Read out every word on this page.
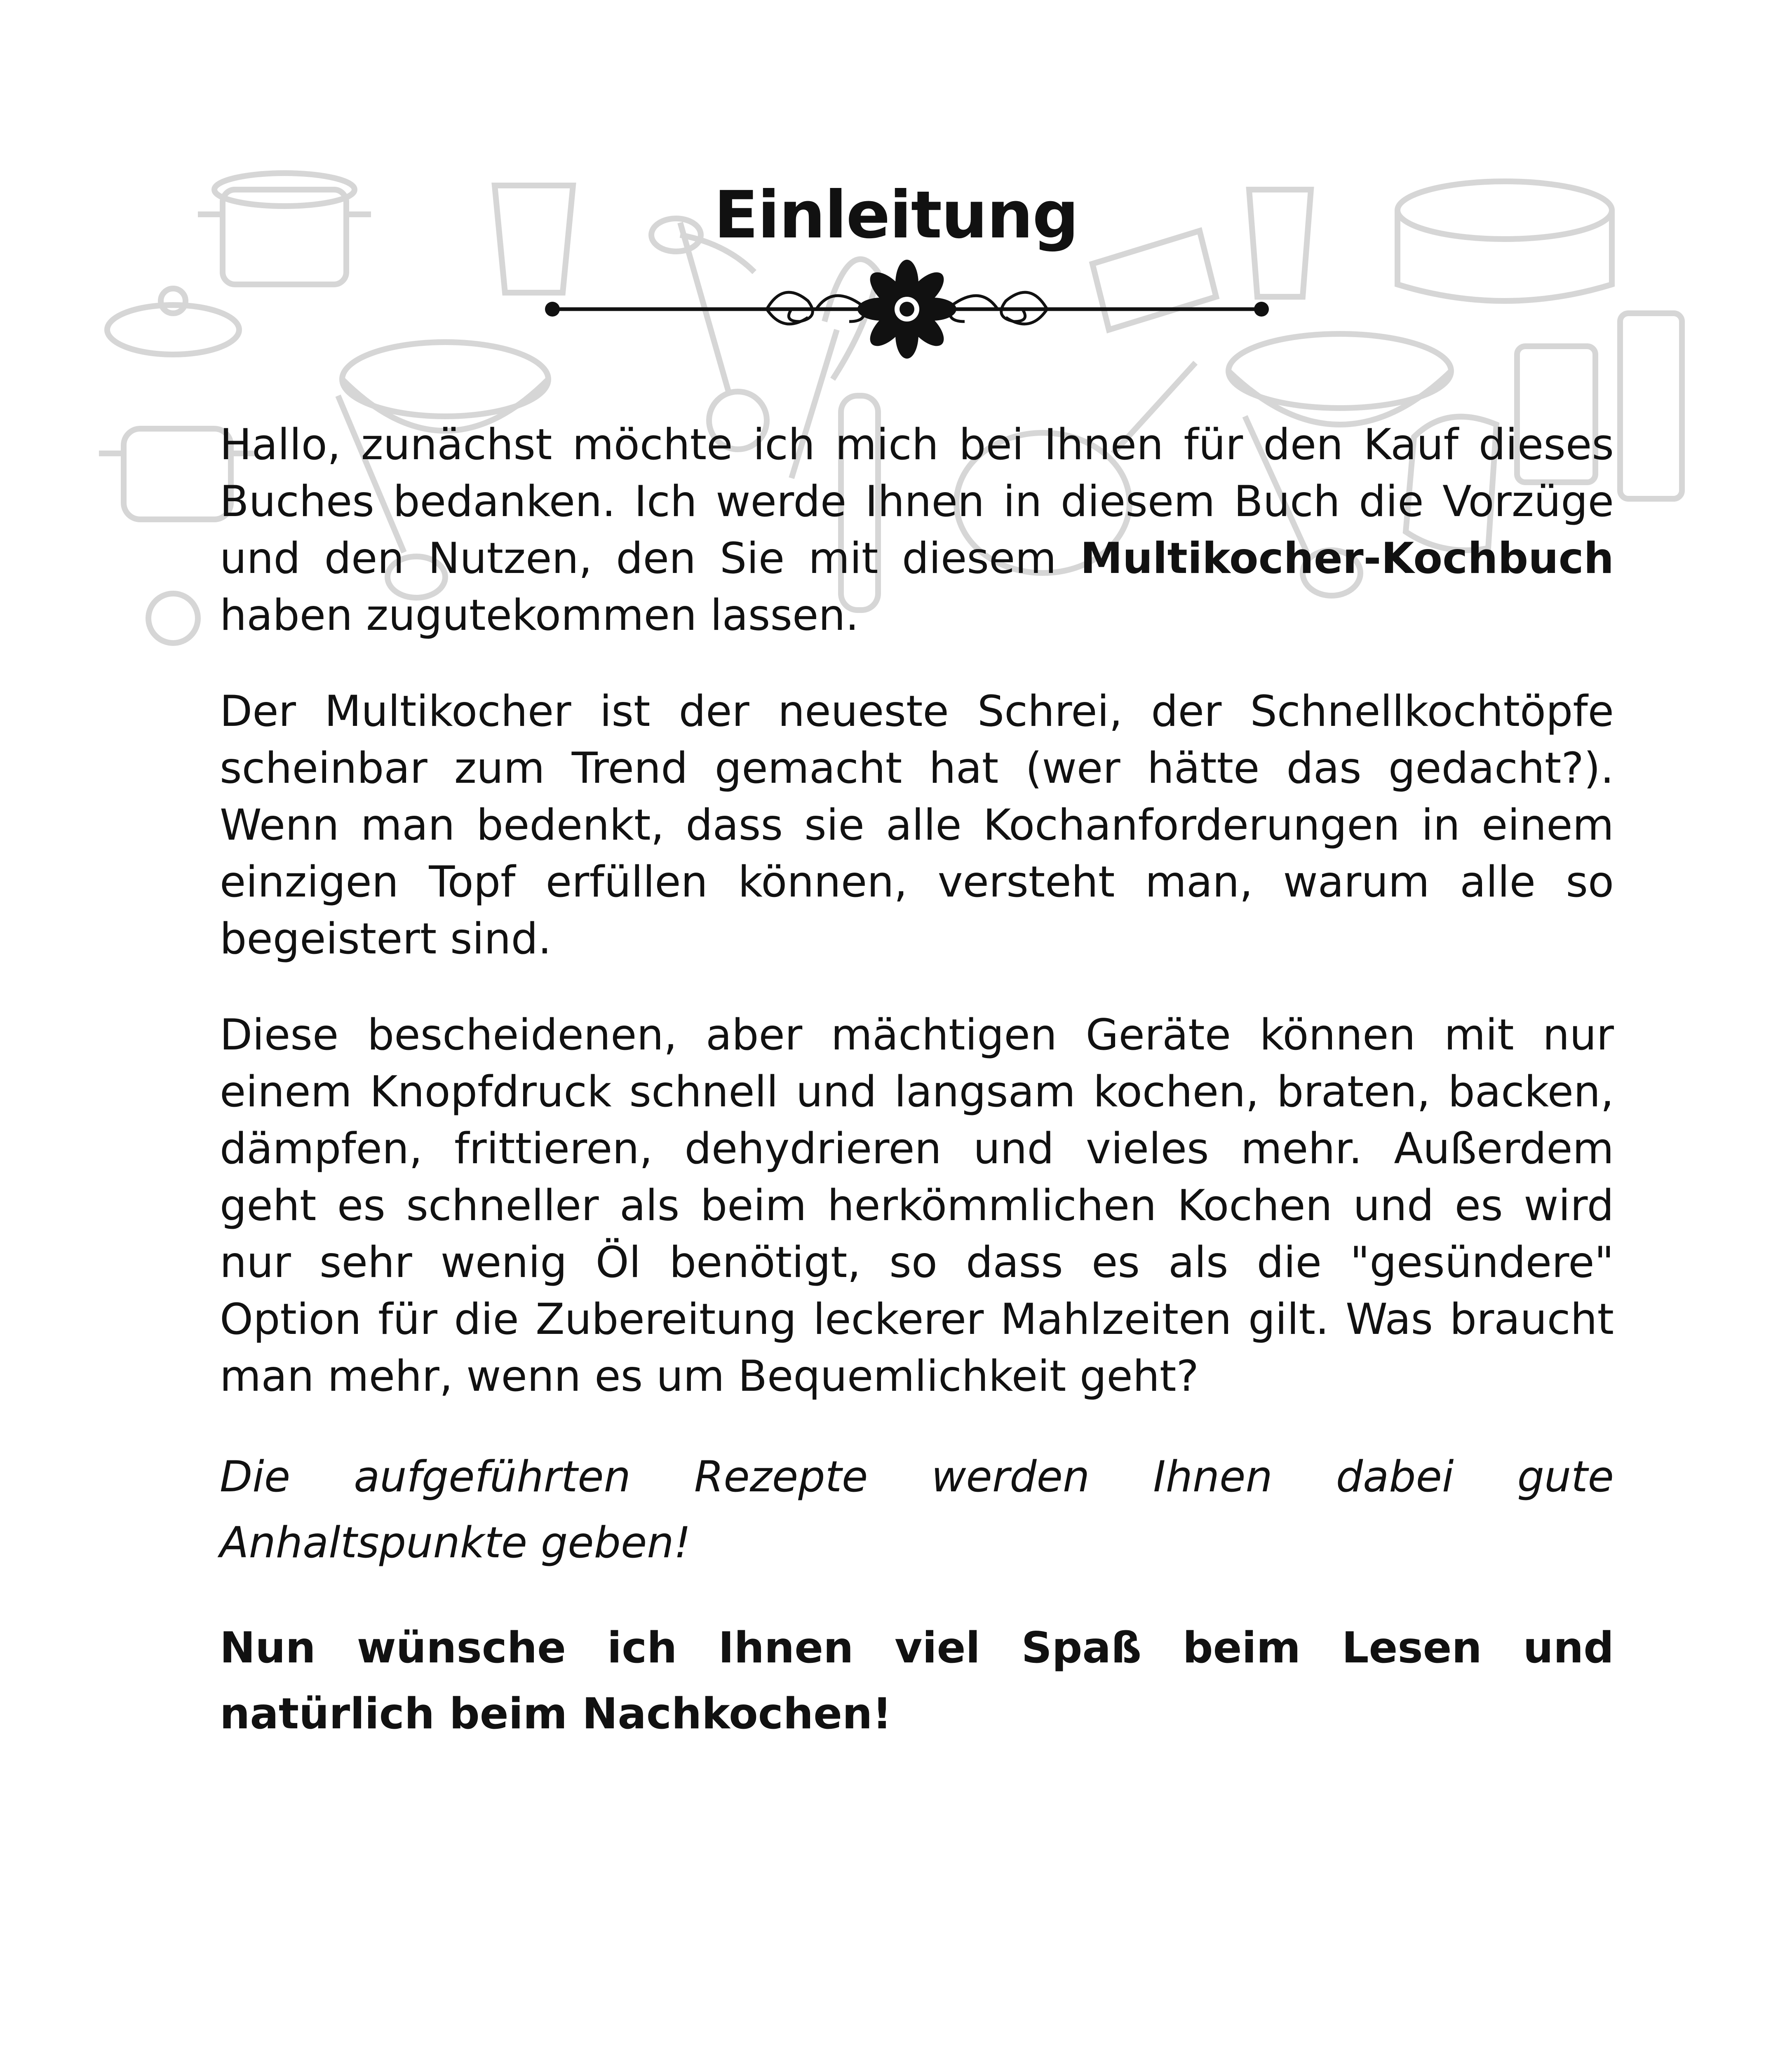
Einleitung

Hallo, zunächst möchte ich mich bei Ihnen für den Kauf dieses Buches bedanken. Ich werde Ihnen in diesem Buch die Vorzüge und den Nutzen, den Sie mit diesem Multikocher-Kochbuch haben zugutekommen lassen.

Der Multikocher ist der neueste Schrei, der Schnellkochtöpfe scheinbar zum Trend gemacht hat (wer hätte das gedacht?). Wenn man bedenkt, dass sie alle Kochanforderungen in einem einzigen Topf erfüllen können, versteht man, warum alle so begeistert sind.

Diese bescheidenen, aber mächtigen Geräte können mit nur einem Knopfdruck schnell und langsam kochen, braten, backen, dämpfen, frittieren, dehydrieren und vieles mehr. Außerdem geht es schneller als beim herkömmlichen Kochen und es wird nur sehr wenig Öl benötigt, so dass es als die "gesündere" Option für die Zubereitung leckerer Mahlzeiten gilt. Was braucht man mehr, wenn es um Bequemlichkeit geht?

Die aufgeführten Rezepte werden Ihnen dabei gute Anhaltspunkte geben!

Nun wünsche ich Ihnen viel Spaß beim Lesen und natürlich beim Nachkochen!
